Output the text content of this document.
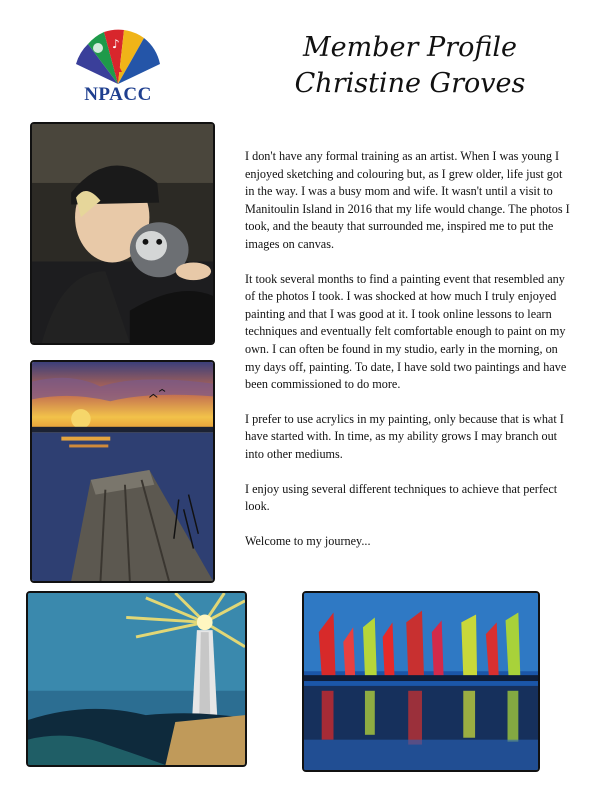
♪
NPACC
Member Profile
Christine Groves

I don't have any formal training as an artist. When I was young I enjoyed sketching and colouring but, as I grew older, life just got in the way. I was a busy mom and wife. It wasn't until a visit to Manitoulin Island in 2016 that my life would change. The photos I took, and the beauty that surrounded me, inspired me to put the images on canvas.

It took several months to find a painting event that resembled any of the photos I took. I was shocked at how much I truly enjoyed painting and that I was good at it. I took online lessons to learn techniques and eventually felt comfortable enough to paint on my own. I can often be found in my studio, early in the morning, on my days off, painting. To date, I have sold two paintings and have been commissioned to do more.

I prefer to use acrylics in my painting, only because that is what I have started with. In time, as my ability grows I may branch out into other mediums.

I enjoy using several different techniques to achieve that perfect look.

Welcome to my journey...
